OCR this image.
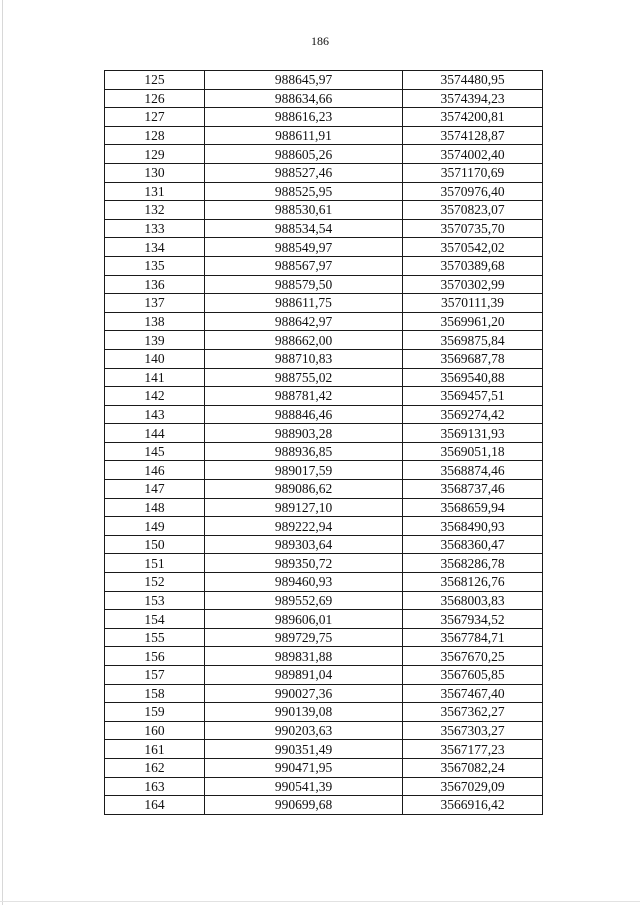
186
125	988645,97	3574480,95
126	988634,66	3574394,23
127	988616,23	3574200,81
128	988611,91	3574128,87
129	988605,26	3574002,40
130	988527,46	3571170,69
131	988525,95	3570976,40
132	988530,61	3570823,07
133	988534,54	3570735,70
134	988549,97	3570542,02
135	988567,97	3570389,68
136	988579,50	3570302,99
137	988611,75	3570111,39
138	988642,97	3569961,20
139	988662,00	3569875,84
140	988710,83	3569687,78
141	988755,02	3569540,88
142	988781,42	3569457,51
143	988846,46	3569274,42
144	988903,28	3569131,93
145	988936,85	3569051,18
146	989017,59	3568874,46
147	989086,62	3568737,46
148	989127,10	3568659,94
149	989222,94	3568490,93
150	989303,64	3568360,47
151	989350,72	3568286,78
152	989460,93	3568126,76
153	989552,69	3568003,83
154	989606,01	3567934,52
155	989729,75	3567784,71
156	989831,88	3567670,25
157	989891,04	3567605,85
158	990027,36	3567467,40
159	990139,08	3567362,27
160	990203,63	3567303,27
161	990351,49	3567177,23
162	990471,95	3567082,24
163	990541,39	3567029,09
164	990699,68	3566916,42
